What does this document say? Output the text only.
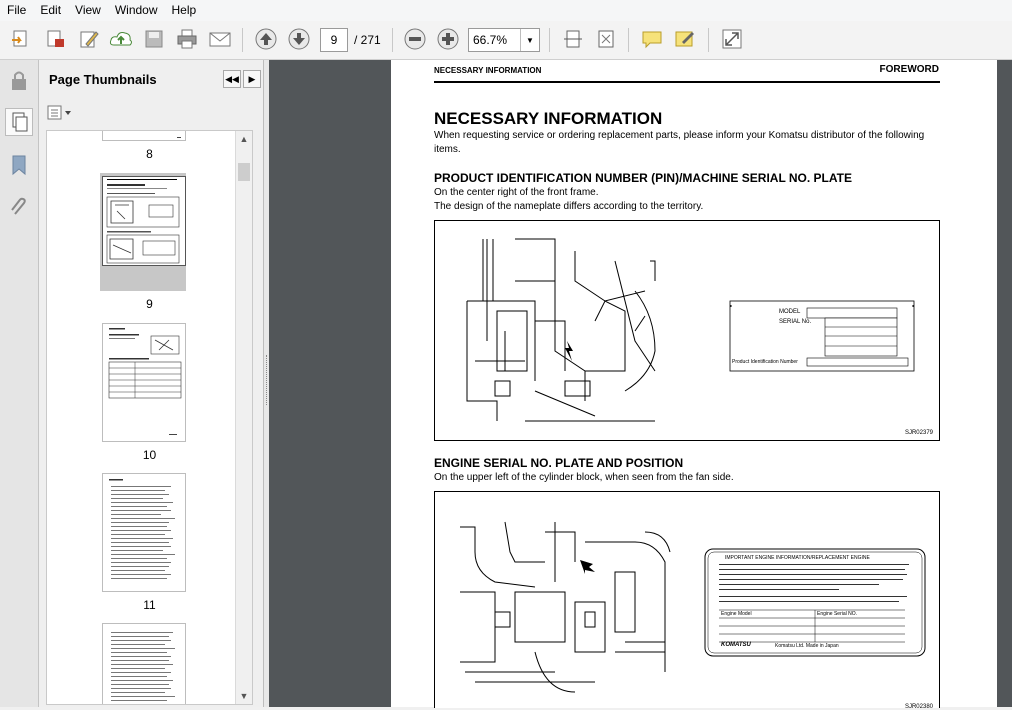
File	Edit	View	Window	Help
9	/ 271	66.7%	▼
Page Thumbnails	◀◀	▶
8
9
10
11
▲
▼
NECESSARY INFORMATION	FOREWORD
NECESSARY INFORMATION
When requesting service or ordering replacement parts, please inform your Komatsu distributor of the following items.
PRODUCT IDENTIFICATION NUMBER (PIN)/MACHINE SERIAL NO. PLATE
On the center right of the front frame.
The design of the nameplate differs according to the territory.
MODEL
SERIAL No.
Product Identification Number
SJR02379
ENGINE SERIAL NO. PLATE AND POSITION
On the upper left of the cylinder block, when seen from the fan side.
IMPORTANT ENGINE INFORMATION/REPLACEMENT ENGINE
Engine Model	Engine Serial NO.
KOMATSU	Komatsu Ltd. Made in Japan
SJR02380
